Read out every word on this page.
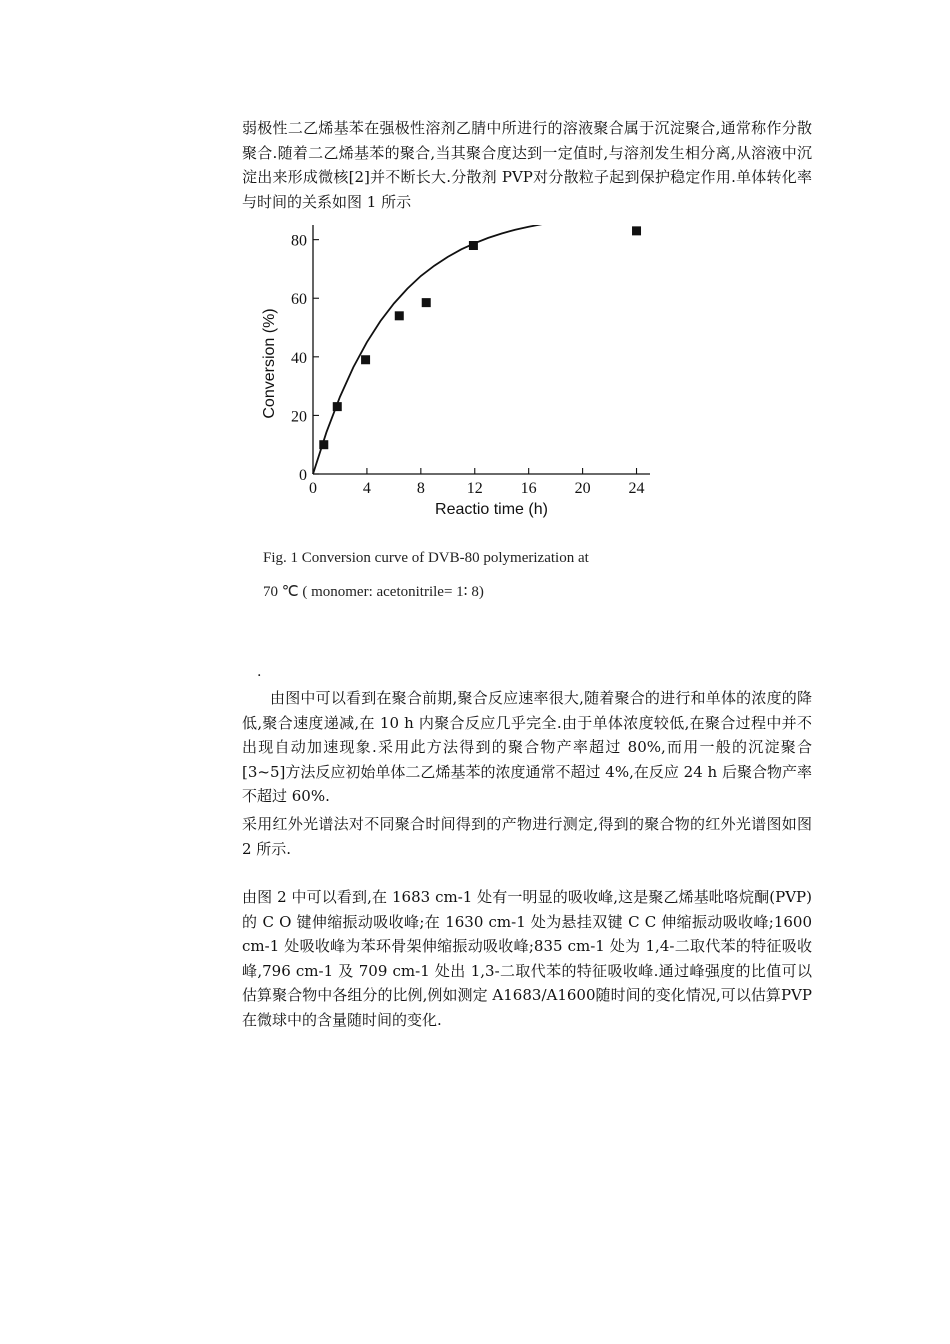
弱极性二乙烯基苯在强极性溶剂乙腈中所进行的溶液聚合属于沉淀聚合,通常称作分散聚合.随着二乙烯基苯的聚合,当其聚合度达到一定值时,与溶剂发生相分离,从溶液中沉淀出来形成微核[2]并不断长大.分散剂 PVP对分散粒子起到保护稳定作用.单体转化率与时间的关系如图 1 所示

0	4	8	12 16 20 24
0
20
40
60
80
Reactio time (h)
Conversion (%)
Fig. 1 Conversion curve of DVB-80 polymerization at
70 ℃ ( monomer: acetonitrile= 1∶ 8)
.

由图中可以看到在聚合前期,聚合反应速率很大,随着聚合的进行和单体的浓度的降低,聚合速度递减,在 10 h 内聚合反应几乎完全.由于单体浓度较低,在聚合过程中并不出现自动加速现象.采用此方法得到的聚合物产率超过 80%,而用一般的沉淀聚合[3~5]方法反应初始单体二乙烯基苯的浓度通常不超过 4%,在反应 24 h 后聚合物产率不超过 60%.

采用红外光谱法对不同聚合时间得到的产物进行测定,得到的聚合物的红外光谱图如图 2 所示.

由图 2 中可以看到,在 1683 cm-1 处有一明显的吸收峰,这是聚乙烯基吡咯烷酮(PVP)的 C O 键伸缩振动吸收峰;在 1630 cm-1 处为悬挂双键 C C 伸缩振动吸收峰;1600 cm-1 处吸收峰为苯环骨架伸缩振动吸收峰;835 cm-1 处为 1,4-二取代苯的特征吸收峰,796 cm-1 及 709 cm-1 处出 1,3-二取代苯的特征吸收峰.通过峰强度的比值可以估算聚合物中各组分的比例,例如测定 A1683/A1600随时间的变化情况,可以估算PVP在微球中的含量随时间的变化.
